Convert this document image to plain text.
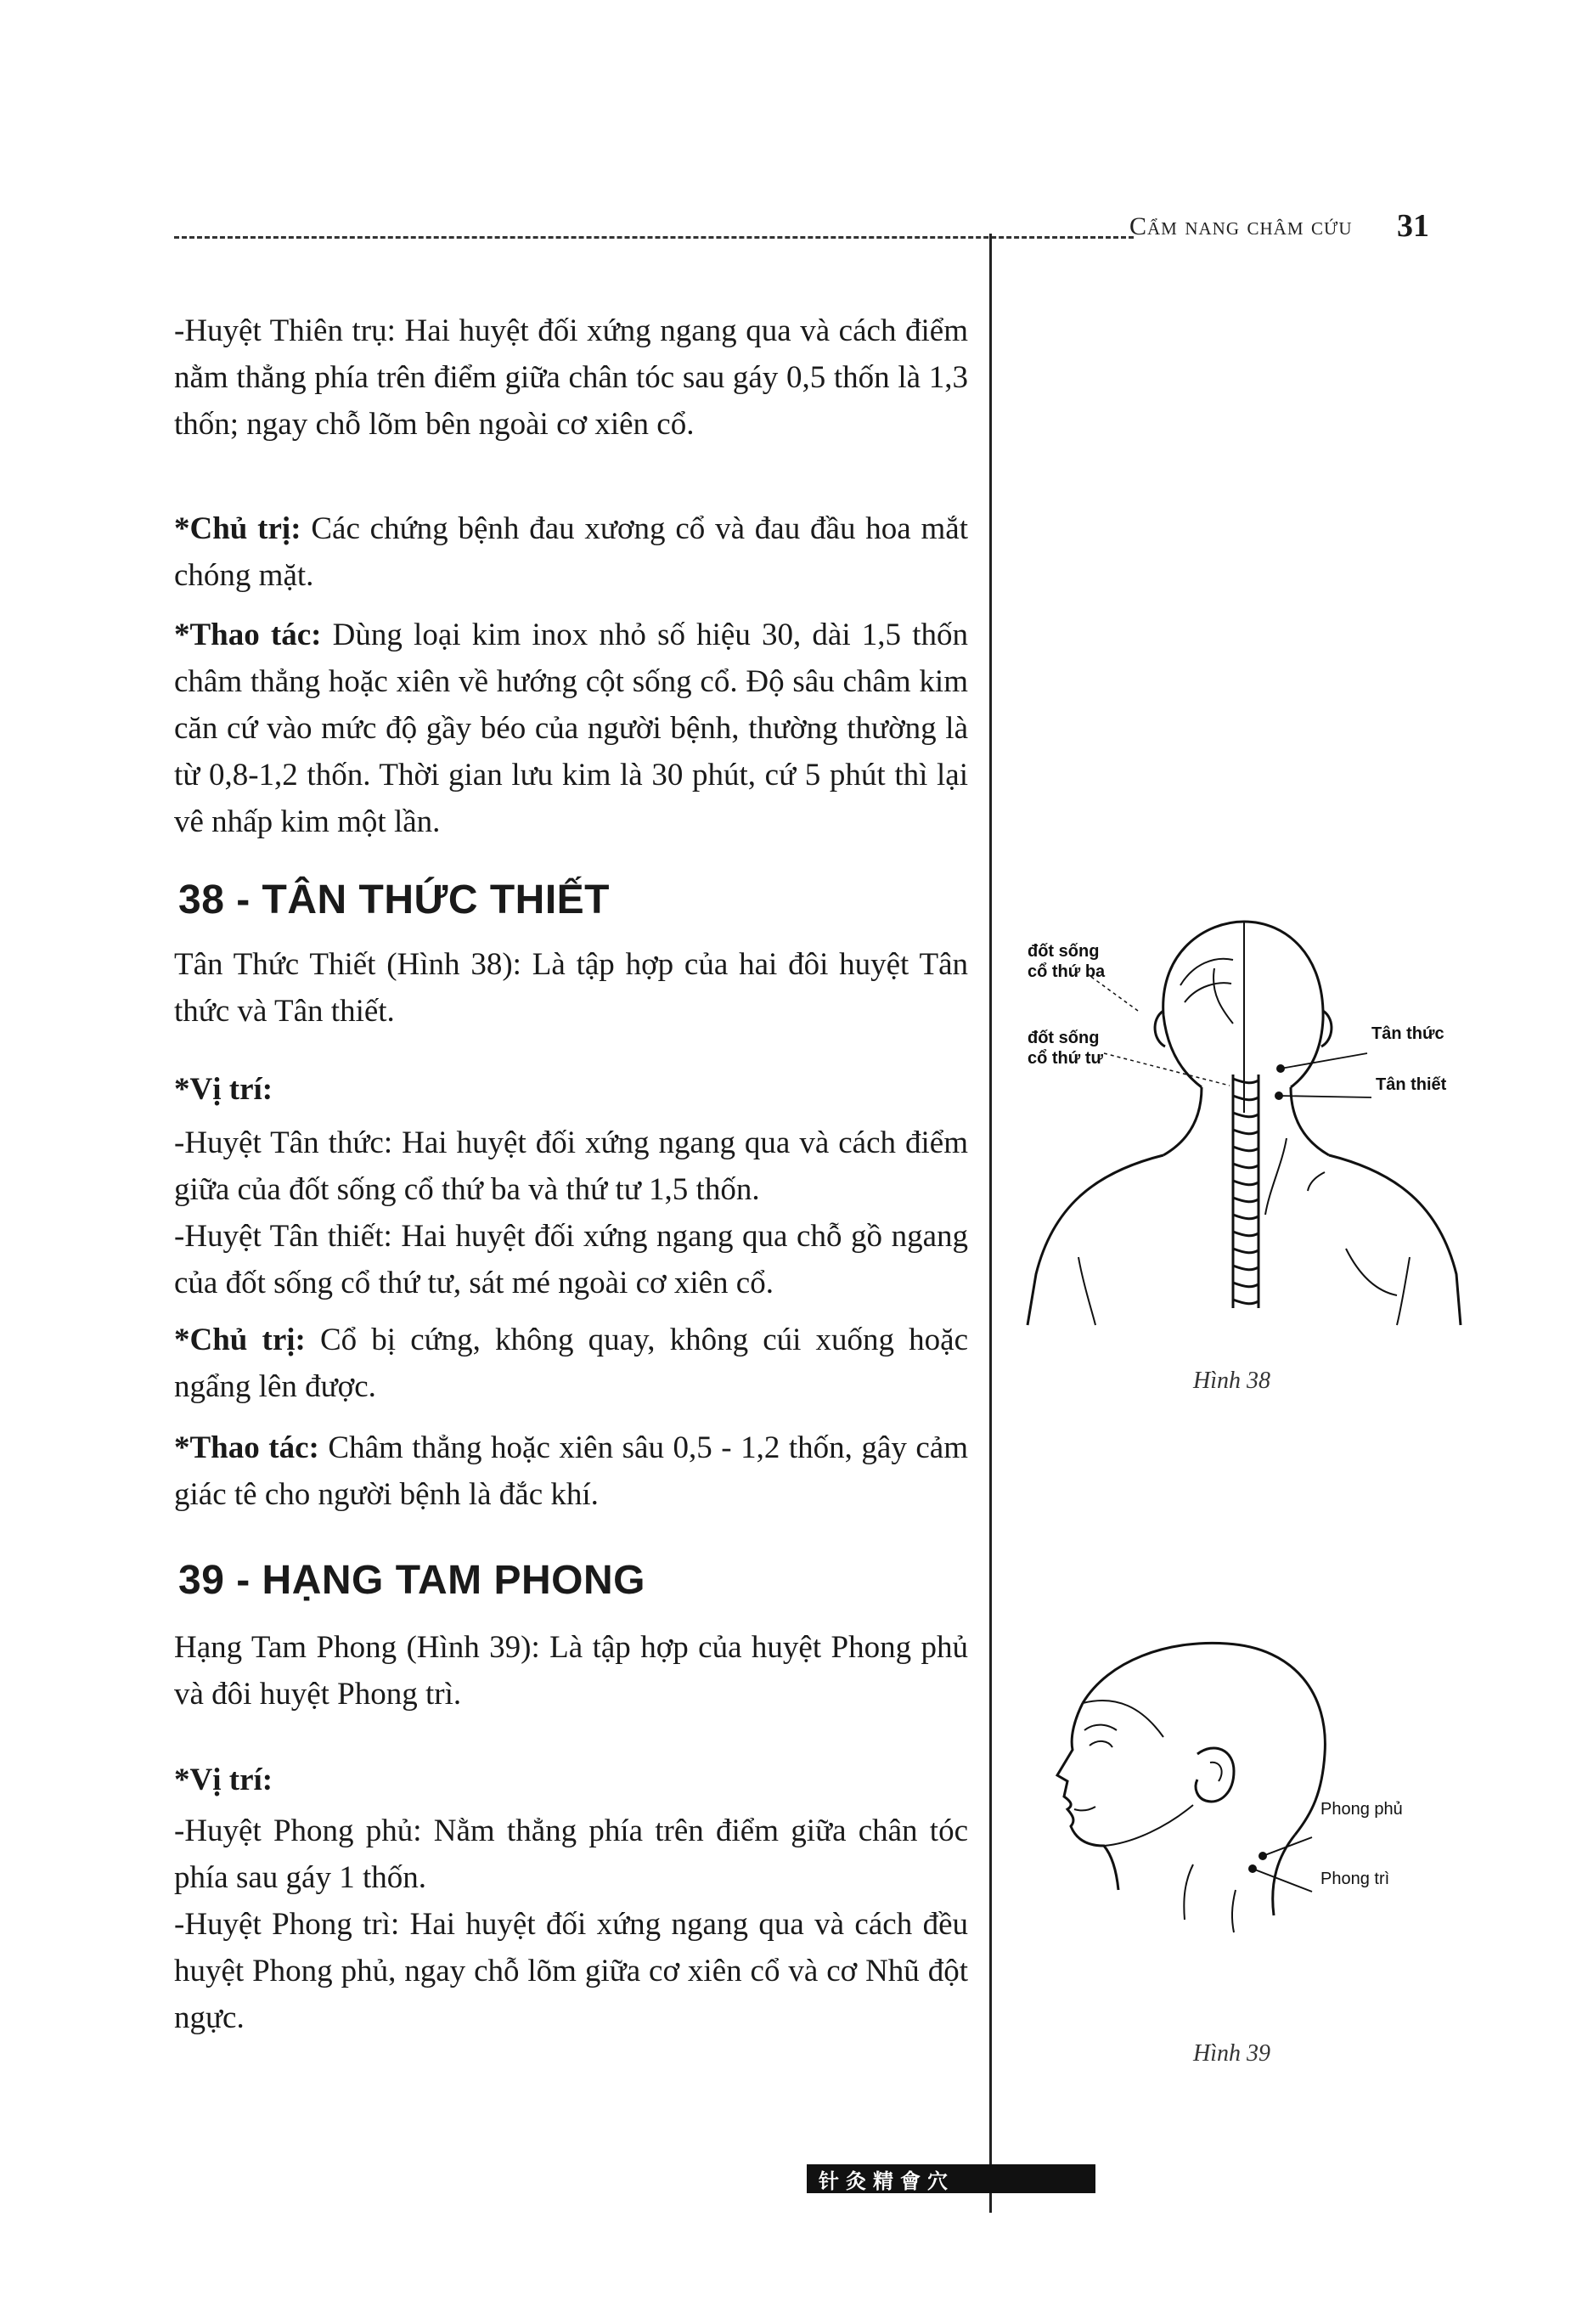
Cẩm nang châm cứu 31
-Huyệt Thiên trụ: Hai huyệt đối xứng ngang qua và cách điểm nằm thẳng phía trên điểm giữa chân tóc sau gáy 0,5 thốn là 1,3 thốn; ngay chỗ lõm bên ngoài cơ xiên cổ.
*Chủ trị: Các chứng bệnh đau xương cổ và đau đầu hoa mắt chóng mặt.
*Thao tác: Dùng loại kim inox nhỏ số hiệu 30, dài 1,5 thốn châm thẳng hoặc xiên về hướng cột sống cổ. Độ sâu châm kim căn cứ vào mức độ gầy béo của người bệnh, thường thường là từ 0,8-1,2 thốn. Thời gian lưu kim là 30 phút, cứ 5 phút thì lại vê nhấp kim một lần.
38 - TÂN THỨC THIẾT
Tân Thức Thiết (Hình 38): Là tập hợp của hai đôi huyệt Tân thức và Tân thiết.
*Vị trí:
-Huyệt Tân thức: Hai huyệt đối xứng ngang qua và cách điểm giữa của đốt sống cổ thứ ba và thứ tư 1,5 thốn.
-Huyệt Tân thiết: Hai huyệt đối xứng ngang qua chỗ gồ ngang của đốt sống cổ thứ tư, sát mé ngoài cơ xiên cổ.
*Chủ trị: Cổ bị cứng, không quay, không cúi xuống hoặc ngẩng lên được.
*Thao tác: Châm thẳng hoặc xiên sâu 0,5 - 1,2 thốn, gây cảm giác tê cho người bệnh là đắc khí.
39 - HẠNG TAM PHONG
Hạng Tam Phong (Hình 39): Là tập hợp của huyệt Phong phủ và đôi huyệt Phong trì.
*Vị trí:
-Huyệt Phong phủ: Nằm thẳng phía trên điểm giữa chân tóc phía sau gáy 1 thốn.
-Huyệt Phong trì: Hai huyệt đối xứng ngang qua và cách đều huyệt Phong phủ, ngay chỗ lõm giữa cơ xiên cổ và cơ Nhũ đột ngực.
đốt sống
cổ thứ ba
đốt sống
cổ thứ tư
Tân thức
Tân thiết
Hình 38
Phong phủ
Phong trì
Hình 39
针灸精會穴
